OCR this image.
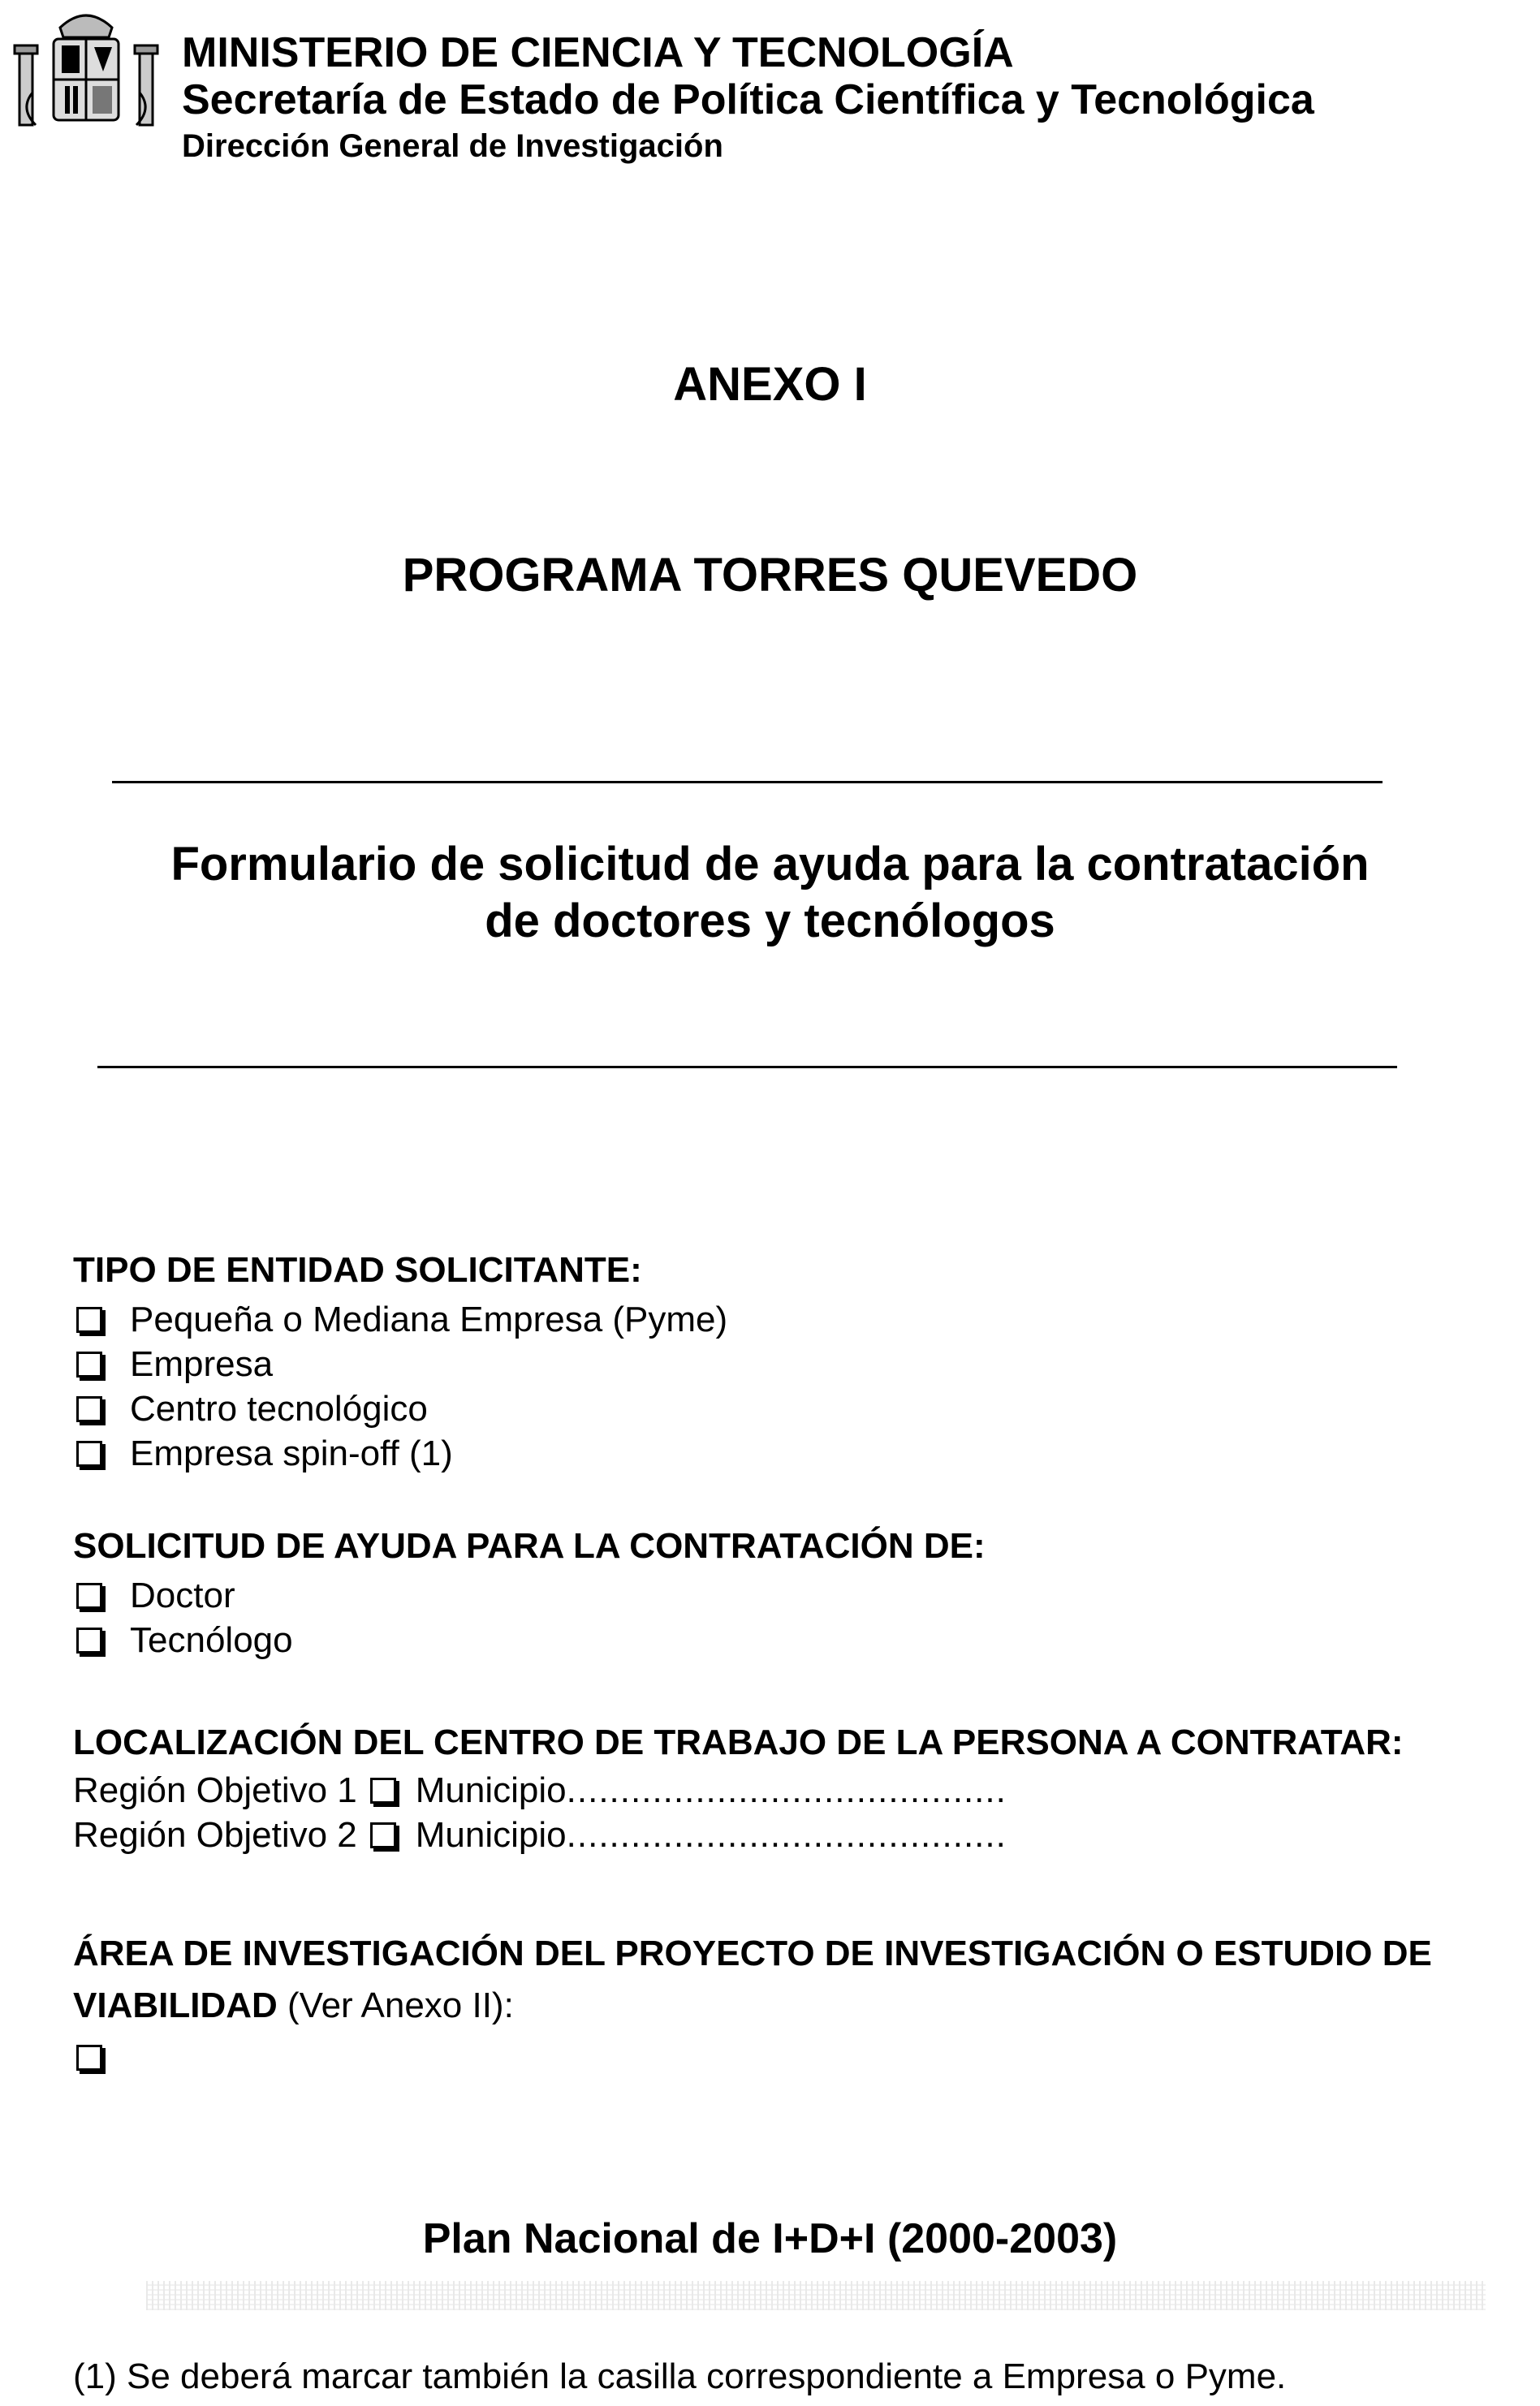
MINISTERIO DE CIENCIA Y TECNOLOGÍA
Secretaría de Estado de Política Científica y Tecnológica
Dirección General de Investigación
ANEXO I
PROGRAMA TORRES QUEVEDO
Formulario de solicitud de ayuda para la contratación
de doctores y tecnólogos
TIPO DE ENTIDAD SOLICITANTE:
Pequeña o Mediana Empresa (Pyme)
Empresa
Centro tecnológico
Empresa spin-off (1)
SOLICITUD DE AYUDA PARA LA CONTRATACIÓN DE:
Doctor
Tecnólogo
LOCALIZACIÓN DEL CENTRO DE TRABAJO DE LA PERSONA A CONTRATAR:
Región Objetivo 1 Municipio .........................................
Región Objetivo 2 Municipio .........................................
ÁREA DE INVESTIGACIÓN DEL PROYECTO DE INVESTIGACIÓN O ESTUDIO DE
VIABILIDAD (Ver Anexo II):
Plan Nacional de I+D+I (2000-2003)
(1) Se deberá marcar también la casilla correspondiente a Empresa o Pyme.
